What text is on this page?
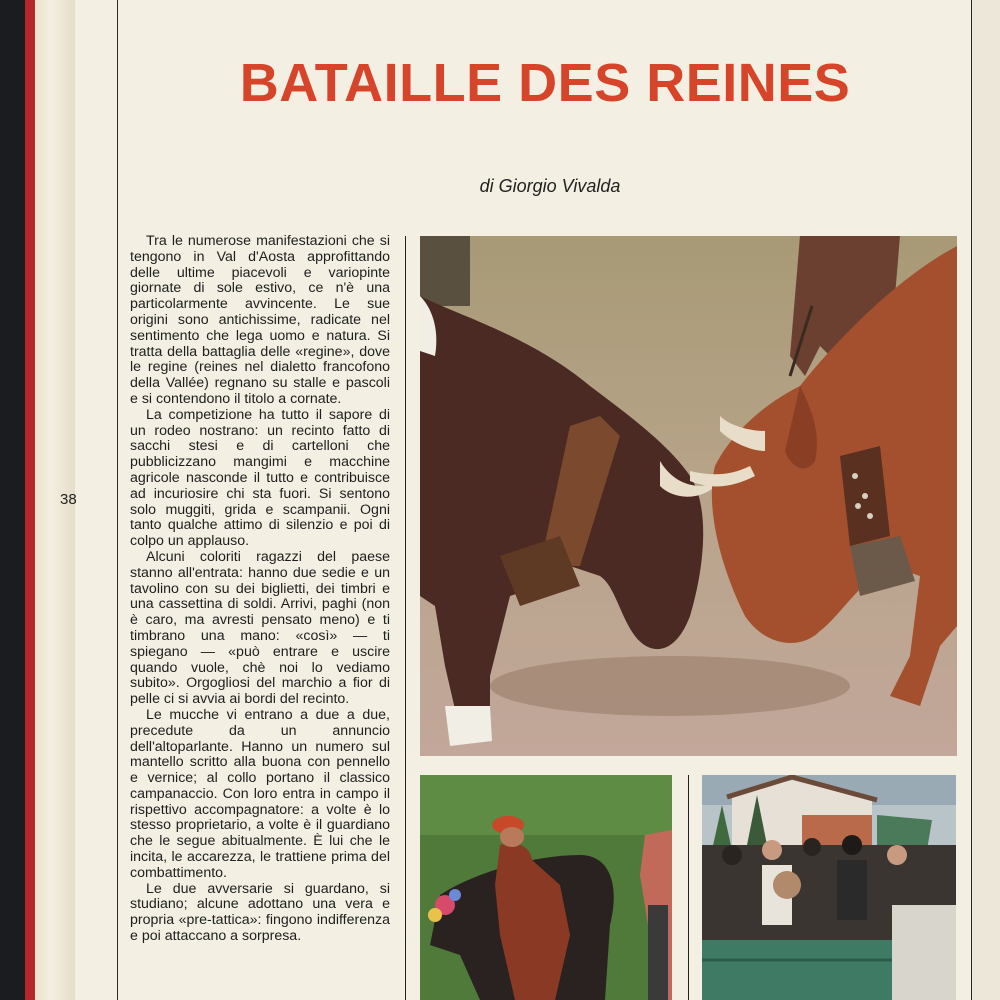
BATAILLE DES REINES
di Giorgio Vivalda
38

Tra le numerose manifestazioni che si tengono in Val d'Aosta approfittando delle ultime piacevoli e variopinte giornate di sole estivo, ce n'è una particolarmente avvincente. Le sue origini sono antichissime, radicate nel sentimento che lega uomo e natura. Si tratta della battaglia delle «regine», dove le regine (reines nel dialetto francofono della Vallée) regnano su stalle e pascoli e si contendono il titolo a cornate.

La competizione ha tutto il sapore di un rodeo nostrano: un recinto fatto di sacchi stesi e di cartelloni che pubblicizzano mangimi e macchine agricole nasconde il tutto e contribuisce ad incuriosire chi sta fuori. Si sentono solo muggiti, grida e scampanii. Ogni tanto qualche attimo di silenzio e poi di colpo un applauso.

Alcuni coloriti ragazzi del paese stanno all'entrata: hanno due sedie e un tavolino con su dei biglietti, dei timbri e una cassettina di soldi. Arrivi, paghi (non è caro, ma avresti pensato meno) e ti timbrano una mano: «così» — ti spiegano — «può entrare e uscire quando vuole, chè noi lo vediamo subito». Orgogliosi del marchio a fior di pelle ci si avvia ai bordi del recinto.

Le mucche vi entrano a due a due, precedute da un annuncio dell'altoparlante. Hanno un numero sul mantello scritto alla buona con pennello e vernice; al collo portano il classico campanaccio. Con loro entra in campo il rispettivo accompagnatore: a volte è lo stesso proprietario, a volte è il guardiano che le segue abitualmente. È lui che le incita, le accarezza, le trattiene prima del combattimento.

Le due avversarie si guardano, si studiano; alcune adottano una vera e propria «pre-tattica»: fingono indifferenza e poi attaccano a sorpresa.
